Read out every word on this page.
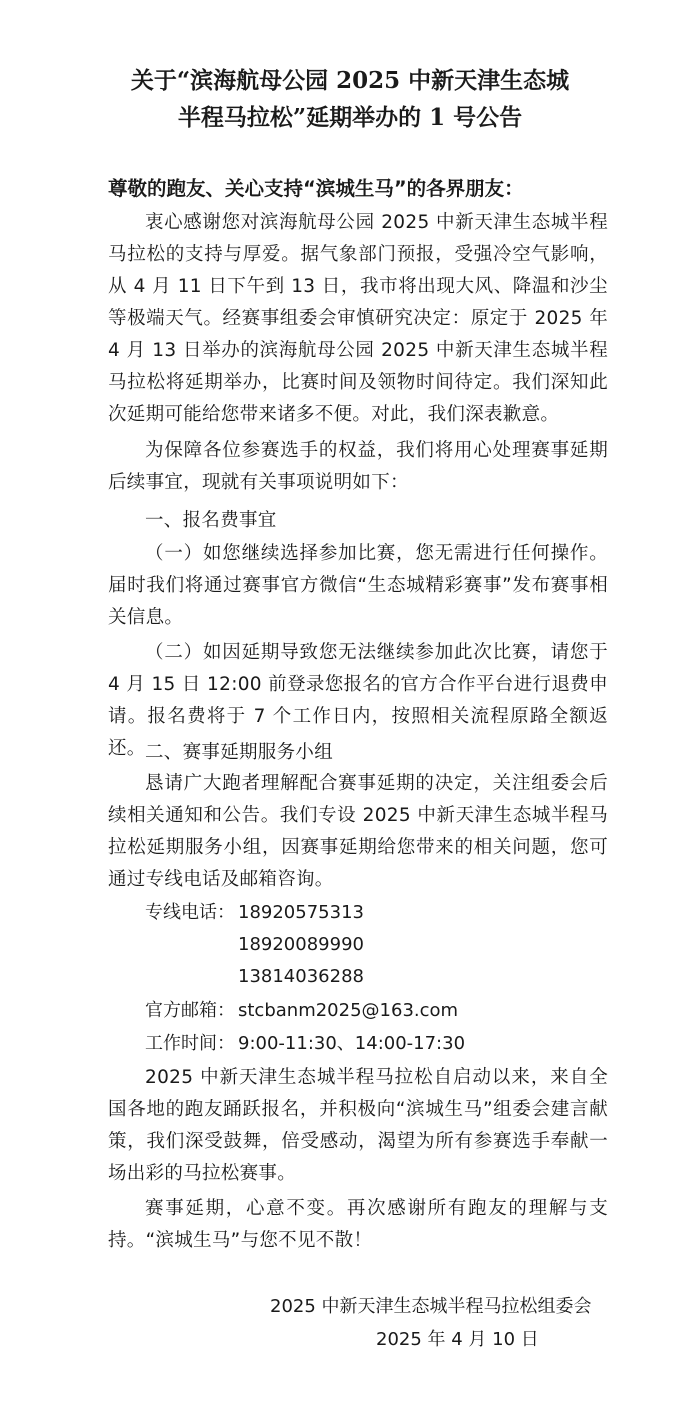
关于“滨海航母公园 2025 中新天津生态城
半程马拉松”延期举办的 1 号公告
尊敬的跑友、关心支持“滨城生马”的各界朋友：

衷心感谢您对滨海航母公园 2025 中新天津生态城半程马拉松的支持与厚爱。据气象部门预报，受强冷空气影响，从 4 月 11 日下午到 13 日，我市将出现大风、降温和沙尘等极端天气。经赛事组委会审慎研究决定：原定于 2025 年 4 月 13 日举办的滨海航母公园 2025 中新天津生态城半程马拉松将延期举办，比赛时间及领物时间待定。我们深知此次延期可能给您带来诸多不便。对此，我们深表歉意。

为保障各位参赛选手的权益，我们将用心处理赛事延期后续事宜，现就有关事项说明如下：

一、报名费事宜

（一）如您继续选择参加比赛，您无需进行任何操作。届时我们将通过赛事官方微信“生态城精彩赛事”发布赛事相关信息。

（二）如因延期导致您无法继续参加此次比赛，请您于 4 月 15 日 12:00 前登录您报名的官方合作平台进行退费申请。报名费将于 7 个工作日内，按照相关流程原路全额返还。 二、赛事延期服务小组

恳请广大跑者理解配合赛事延期的决定，关注组委会后续相关通知和公告。我们专设 2025 中新天津生态城半程马拉松延期服务小组，因赛事延期给您带来的相关问题，您可通过专线电话及邮箱咨询。

专线电话： 18920575313
18920089990
13814036288
官方邮箱： stcbanm2025@163.com
工作时间： 9:00-11:30、14:00-17:30

2025 中新天津生态城半程马拉松自启动以来，来自全国各地的跑友踊跃报名，并积极向“滨城生马”组委会建言献策，我们深受鼓舞，倍受感动，渴望为所有参赛选手奉献一场出彩的马拉松赛事。

赛事延期，心意不变。再次感谢所有跑友的理解与支持。“滨城生马”与您不见不散！

2025 中新天津生态城半程马拉松组委会
2025 年 4 月 10 日
